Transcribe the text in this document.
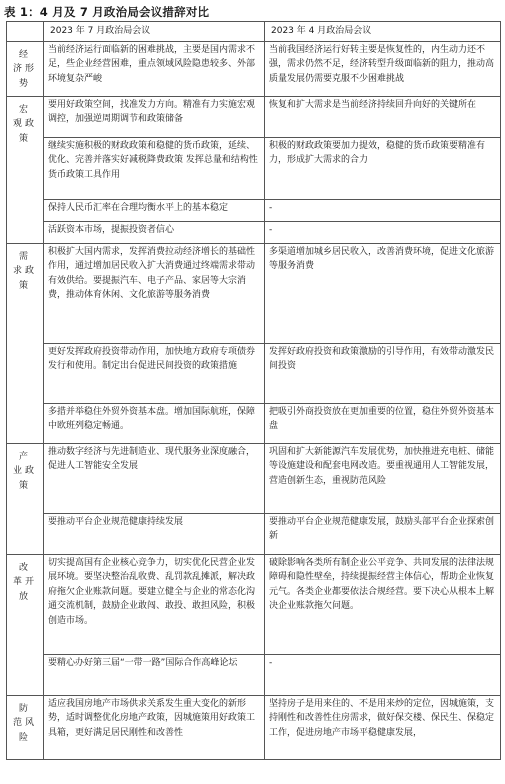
表 1：4 月及 7 月政治局会议措辞对比
	2023 年 7 月政治局会议	2023 年 4 月政治局会议
经 济形势	当前经济运行面临新的困难挑战，主要是国内需求不足，些企业经营困难，重点领域风险隐患较多、外部环境复杂严峻	当前我国经济运行好转主要是恢复性的，内生动力还不强，需求仍然不足，经济转型升级面临新的阻力，推动高质量发展仍需要克服不少困难挑战
宏 观政策	要用好政策空间，找准发力方向。精准有力实施宏观调控，加强逆周期调节和政策储备	恢复和扩大需求是当前经济持续回升向好的关键所在
	继续实施积极的财政政策和稳健的货币政策，延续、优化、完善并落实好减税降费政策 发挥总量和结构性货币政策工具作用	积极的财政政策要加力提效，稳健的货币政策要精准有力，形成扩大需求的合力
	保持人民币汇率在合理均衡水平上的基本稳定	-
	活跃资本市场，提振投资者信心	-
需 求政策	积极扩大国内需求，发挥消费拉动经济增长的基础性作用，通过增加居民收入扩大消费通过终端需求带动有效供给。要提振汽车、电子产品、家居等大宗消费，推动体育休闲、文化旅游等服务消费	多渠道增加城乡居民收入，改善消费环境，促进文化旅游等服务消费
	更好发挥政府投资带动作用，加快地方政府专项债券发行和使用。制定出台促进民间投资的政策措施	发挥好政府投资和政策激励的引导作用，有效带动激发民间投资
	多措并举稳住外贸外资基本盘。增加国际航班，保障中欧班列稳定畅通。	把吸引外商投资放在更加重要的位置，稳住外贸外资基本盘
产 业政策	推动数字经济与先进制造业、现代服务业深度融合，促进人工智能安全发展	巩固和扩大新能源汽车发展优势，加快推进充电桩、储能等设施建设和配套电网改造。要重视通用人工智能发展，营造创新生态，重视防范风险
	要推动平台企业规范健康持续发展	要推动平台企业规范健康发展，鼓励头部平台企业探索创新
改 革开放	切实提高国有企业核心竞争力，切实优化民营企业发展环境。要坚决整治乱收费、乱罚款乱摊派，解决政府拖欠企业账款问题。要建立健全与企业的常态化沟通交流机制，鼓励企业敢闯、敢投、敢担风险，积极创造市场。	破除影响各类所有制企业公平竞争、共同发展的法律法规障碍和隐性壁垒，持续提振经营主体信心，帮助企业恢复元气。各类企业都要依法合规经营。要下决心从根本上解决企业账款拖欠问题。
	要精心办好第三届“一带一路”国际合作高峰论坛	-
防 范风险	适应我国房地产市场供求关系发生重大变化的新形势，适时调整优化房地产政策，因城施策用好政策工具箱，更好满足居民刚性和改善性	坚持房子是用来住的、不是用来炒的定位，因城施策，支持刚性和改善性住房需求，做好保交楼、保民生、保稳定工作，促进房地产市场平稳健康发展，
